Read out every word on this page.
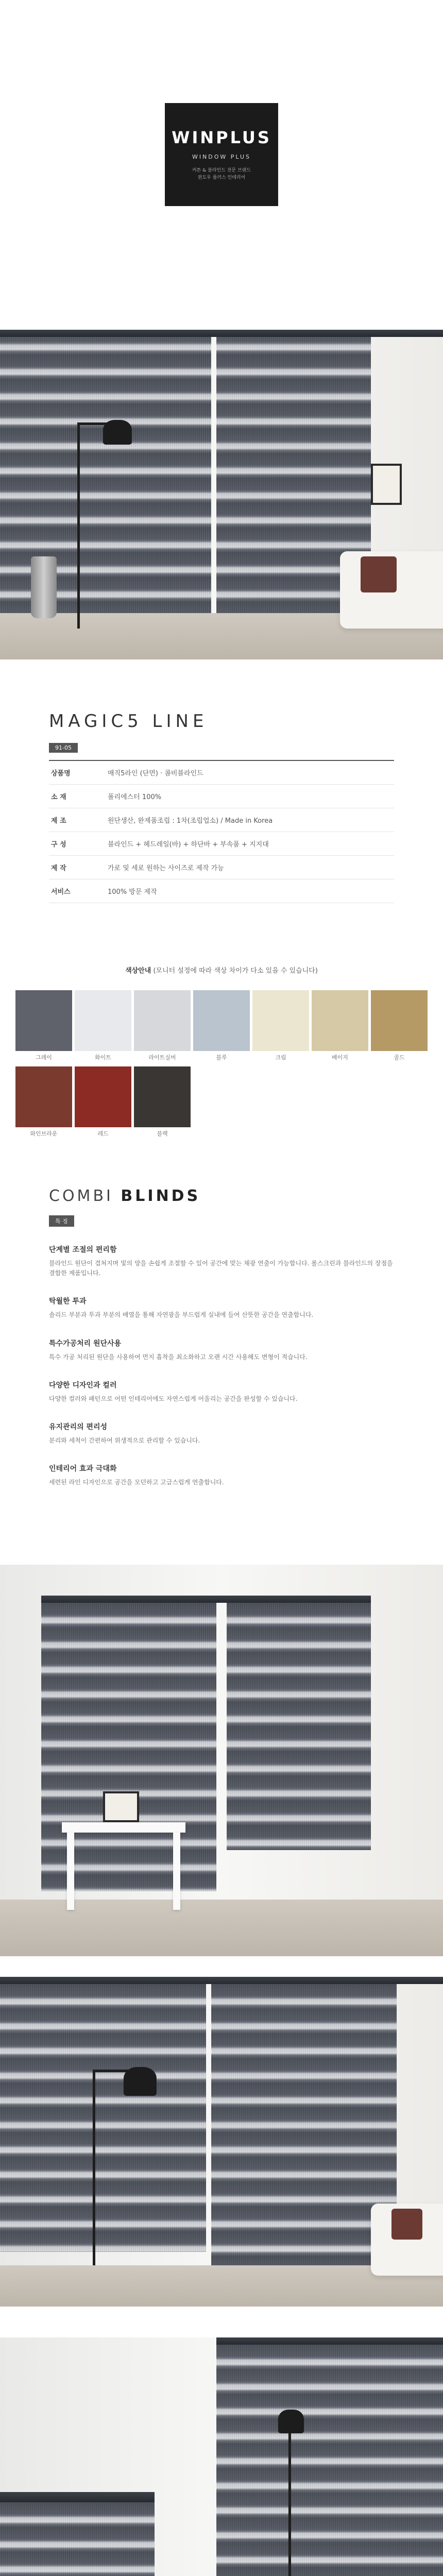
WINPLUS
WINDOW PLUS
커튼 & 블라인드 전문 브랜드
윈도우 플러스 인테리어
MAGIC5 LINE
91-05
상품명	매직5라인 (단면) · 콤비블라인드
소 재	폴리에스터 100%
제 조	원단생산, 완제품조립 : 1차(조립업소) / Made in Korea
구 성	블라인드 + 헤드레일(바) + 하단바 + 부속품 + 지지대
제 작	가로 및 세로 원하는 사이즈로 제작 가능
서비스	100% 방문 제작
색상안내 (모니터 설정에 따라 색상 차이가 다소 있을 수 있습니다)
그레이	화이트	라이트실버	블루	크림	베이지	골드
와인브라운	레드	블랙
COMBI BLINDS
특 징
단계별 조절의 편리함

블라인드 원단이 겹쳐지며 빛의 양을 손쉽게 조절할 수 있어 공간에 맞는 채광 연출이 가능합니다. 롤스크린과 블라인드의 장점을 결합한 제품입니다.

탁월한 투과

솔리드 부분과 투과 부분의 배열을 통해 자연광을 부드럽게 실내에 들여 산뜻한 공간을 연출합니다.

특수가공처리 원단사용

특수 가공 처리된 원단을 사용하여 먼지 흡착을 최소화하고 오랜 시간 사용해도 변형이 적습니다.

다양한 디자인과 컬러

다양한 컬러와 패턴으로 어떤 인테리어에도 자연스럽게 어울리는 공간을 완성할 수 있습니다.

유지관리의 편리성

분리와 세척이 간편하여 위생적으로 관리할 수 있습니다.

인테리어 효과 극대화

세련된 라인 디자인으로 공간을 모던하고 고급스럽게 연출합니다.
